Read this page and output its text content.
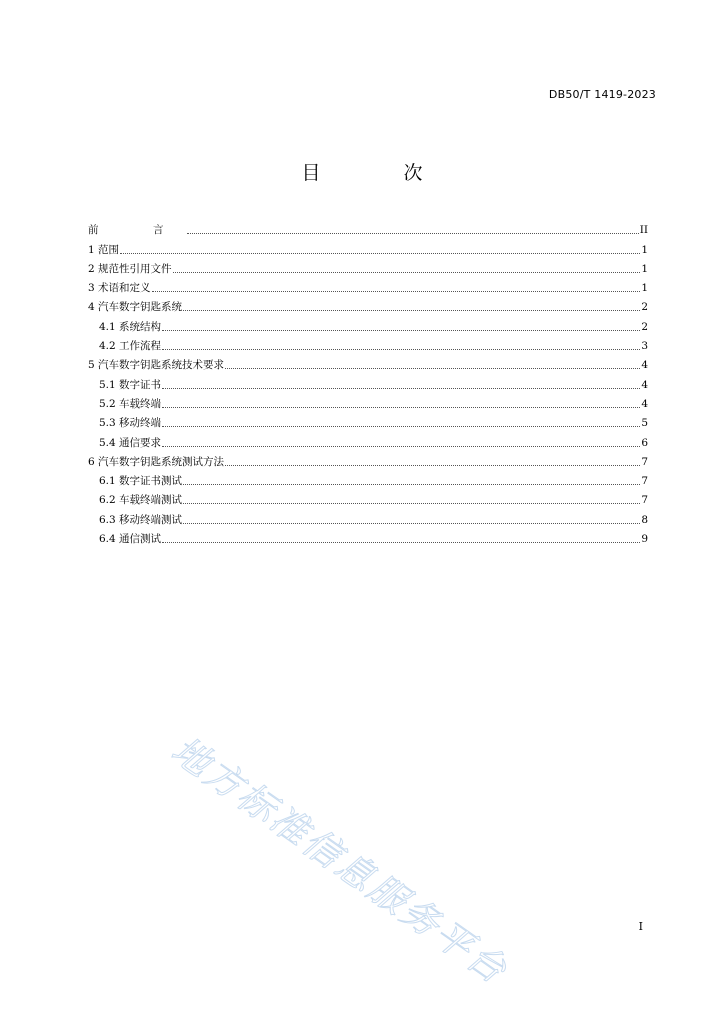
DB50/T 1419-2023
目　次
前　言	II
1 范围	1
2 规范性引用文件	1
3 术语和定义	1
4 汽车数字钥匙系统	2
4.1 系统结构	2
4.2 工作流程	3
5 汽车数字钥匙系统技术要求	4
5.1 数字证书	4
5.2 车载终端	4
5.3 移动终端	5
5.4 通信要求	6
6 汽车数字钥匙系统测试方法	7
6.1 数字证书测试	7
6.2 车载终端测试	7
6.3 移动终端测试	8
6.4 通信测试	9
地方标准信息服务平台	I
